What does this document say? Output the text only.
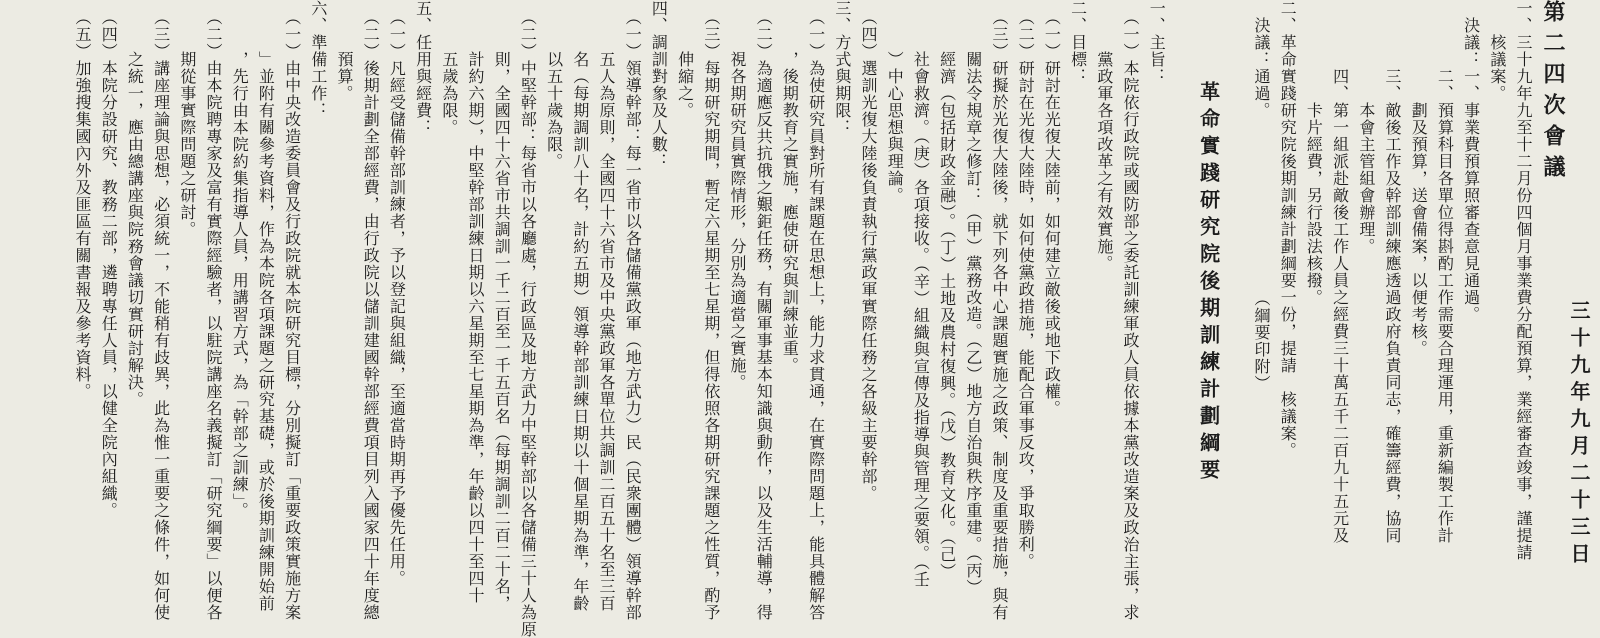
第二四次會議
三十九年九月二十三日
一、三十九年九至十二月份四個月事業費分配預算，業經審查竣事，謹提請
　　核議案。
　決議：一、事業費預算照審查意見通過。
　　　　二、預算科目各單位得斟酌工作需要合理運用，重新編製工作計
　　　　　　劃及預算，送會備案，以便考核。
　　　　三、敵後工作及幹部訓練應透過政府負責同志，確籌經費，協同
　　　　　　本會主管組會辦理。
　　　　四、第一組派赴敵後工作人員之經費三十萬五千二百九十五元及
　　　　　　卡片經費，另行設法核撥。
二、革命實踐研究院後期訓練計劃綱要一份，提請　核議案。
　決議：通過。　　　　　　　　　　　（綱要印附）
　　　革命實踐研究院後期訓練計劃綱要
一、主旨：
　（一）本院依行政院或國防部之委託訓練軍政人員依據本黨改造案及政治主張，求
　　　黨政軍各項改革之有效實施。
二、目標：
　（一）研討在光復大陸前，如何建立敵後或地下政權。
　（二）研討在光復大陸時，如何使黨政措施，能配合軍事反攻，爭取勝利。
　（三）研擬於光復大陸後，就下列各中心課題實施之政策、制度及重要措施，與有
　　　關法令規章之修訂：（甲）黨務改造。（乙）地方自治與秩序重建。（丙）
　　　經濟（包括財政金融）。（丁）土地及農村復興。（戊）教育文化。（己）
　　　社會救濟。（庚）各項接收。（辛）組織與宣傳及指導與管理之要領。（壬
　　　）中心思想與理論。
　（四）選訓光復大陸後負責執行黨政軍實際任務之各級主要幹部。
三、方式與期限：
　（一）為使研究員對所有課題在思想上，能力求貫通，在實際問題上，能具體解答
　　　，後期教育之實施，應使研究與訓練並重。
　（二）為適應反共抗俄之艱鉅任務，有關軍事基本知識與動作，以及生活輔導，得
　　　視各期研究員實際情形，分別為適當之實施。
　（三）每期研究期間，暫定六星期至七星期，但得依照各期研究課題之性質，酌予
　　　伸縮之。
四、調訓對象及人數：
　（一）領導幹部：每一省市以各儲備黨政軍（地方武力）民（民衆團體）領導幹部
　　　五人為原則，全國四十六省市及中央黨政軍各單位共調訓二百五十名至三百
　　　名（每期調訓八十名，計約五期）領導幹部訓練日期以十個星期為準，年齡
　　　以五十歲為限。
　（二）中堅幹部：每省市以各廳處，行政區及地方武力中堅幹部以各儲備三十人為原
　　　則，全國四十六省市共調訓一千二百至一千五百名（每期調訓二百二十名，
　　　計約六期），中堅幹部訓練日期以六星期至七星期為準，年齡以四十至四十
　　　五歲為限。
五、任用與經費：
　（一）凡經受儲備幹部訓練者，予以登記與組織，至適當時期再予優先任用。
　（二）後期計劃全部經費，由行政院以儲訓建國幹部經費項目列入國家四十年度總
　　　預算。
六、準備工作：
　（一）由中央改造委員會及行政院就本院研究目標，分別擬訂「重要政策實施方案
　　　」並附有關參考資料，作為本院各項課題之研究基礎，或於後期訓練開始前
　　　，先行由本院約集指導人員，用講習方式，為「幹部之訓練」。
　（二）由本院聘專家及富有實際經驗者，以駐院講座名義擬訂「研究綱要」以便各
　　　期從事實際問題之研討。
　（三）講座理論與思想，必須統一，不能稍有歧異，此為惟一重要之條件，如何使
　　　之統一，應由總講座與院務會議切實研討解決。
　（四）本院分設研究、教務二部，遴聘專任人員，以健全院內組織。
　（五）加強搜集國內外及匪區有關書報及參考資料。
